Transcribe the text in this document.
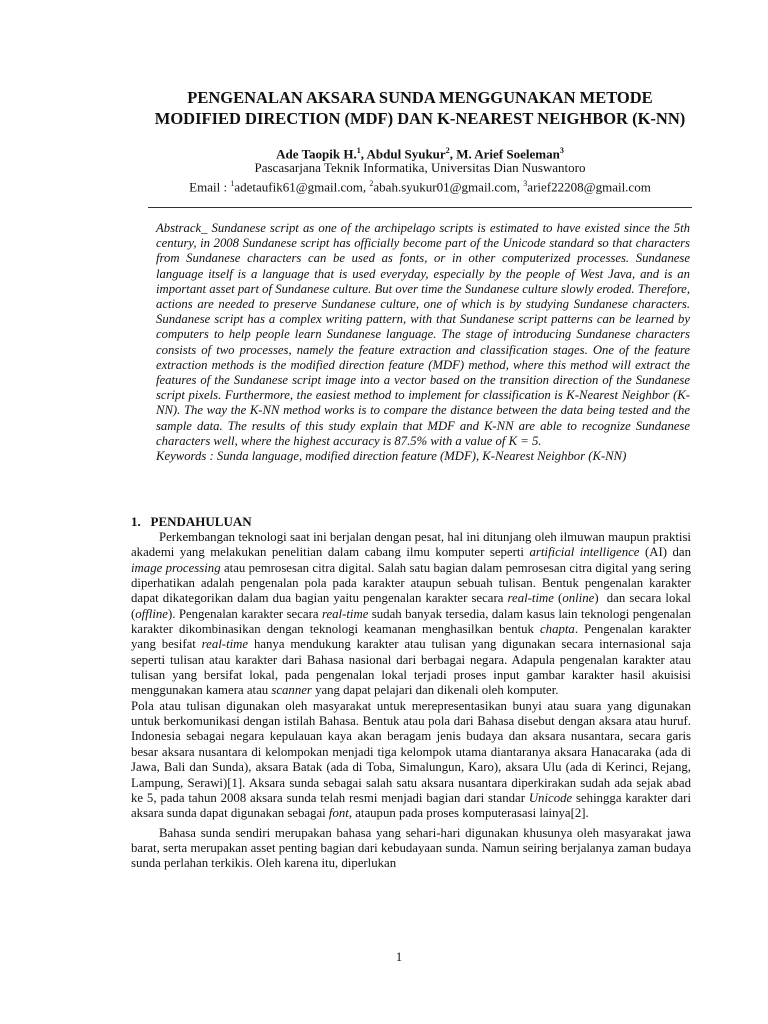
PENGENALAN AKSARA SUNDA MENGGUNAKAN METODE MODIFIED DIRECTION (MDF) DAN K-NEAREST NEIGHBOR (K-NN)
Ade Taopik H.$^1$, Abdul Syukur$^2$, M. Arief Soeleman$^3$
Pascasarjana Teknik Informatika, Universitas Dian Nuswantoro
Email : $^1$adetaufik61@gmail.com, $^2$abah.syukur01@gmail.com, $^3$arief22208@gmail.com

Abstrack_ Sundanese script as one of the archipelago scripts is estimated to have existed since the 5th century, in 2008 Sundanese script has officially become part of the Unicode standard so that characters from Sundanese characters can be used as fonts, or in other computerized processes. Sundanese language itself is a language that is used everyday, especially by the people of West Java, and is an important asset part of Sundanese culture. But over time the Sundanese culture slowly eroded. Therefore, actions are needed to preserve Sundanese culture, one of which is by studying Sundanese characters. Sundanese script has a complex writing pattern, with that Sundanese script patterns can be learned by computers to help people learn Sundanese language. The stage of introducing Sundanese characters consists of two processes, namely the feature extraction and classification stages. One of the feature extraction methods is the modified direction feature (MDF) method, where this method will extract the features of the Sundanese script image into a vector based on the transition direction of the Sundanese script pixels. Furthermore, the easiest method to implement for classification is K-Nearest Neighbor (K-NN). The way the K-NN method works is to compare the distance between the data being tested and the sample data. The results of this study explain that MDF and K-NN are able to recognize Sundanese characters well, where the highest accuracy is 87.5% with a value of K = 5.

Keywords : Sunda language, modified direction feature (MDF), K-Nearest Neighbor (K-NN)

1.   PENDAHULUAN

Perkembangan teknologi saat ini berjalan dengan pesat, hal ini ditunjang oleh ilmuwan maupun praktisi akademi yang melakukan penelitian dalam cabang ilmu komputer seperti artificial intelligence (AI) dan image processing atau pemrosesan citra digital. Salah satu bagian dalam pemrosesan citra digital yang sering diperhatikan adalah pengenalan pola pada karakter ataupun sebuah tulisan. Bentuk pengenalan karakter dapat dikategorikan dalam dua bagian yaitu pengenalan karakter secara real-time (online)  dan secara lokal (offline). Pengenalan karakter secara real-time sudah banyak tersedia, dalam kasus lain teknologi pengenalan karakter dikombinasikan dengan teknologi keamanan menghasilkan bentuk chapta. Pengenalan karakter yang besifat real-time hanya mendukung karakter atau tulisan yang digunakan secara internasional saja seperti tulisan atau karakter dari Bahasa nasional dari berbagai negara. Adapula pengenalan karakter atau tulisan yang bersifat lokal, pada pengenalan lokal terjadi proses input gambar karakter hasil akuisisi menggunakan kamera atau scanner yang dapat pelajari dan dikenali oleh komputer.

Pola atau tulisan digunakan oleh masyarakat untuk merepresentasikan bunyi atau suara yang digunakan untuk berkomunikasi dengan istilah Bahasa. Bentuk atau pola dari Bahasa disebut dengan aksara atau huruf. Indonesia sebagai negara kepulauan kaya akan beragam jenis budaya dan aksara nusantara, secara garis besar aksara nusantara di kelompokan menjadi tiga kelompok utama diantaranya aksara Hanacaraka (ada di Jawa, Bali dan Sunda), aksara Batak (ada di Toba, Simalungun, Karo), aksara Ulu (ada di Kerinci, Rejang, Lampung, Serawi)[1]. Aksara sunda sebagai salah satu aksara nusantara diperkirakan sudah ada sejak abad ke 5, pada tahun 2008 aksara sunda telah resmi menjadi bagian dari standar Unicode sehingga karakter dari aksara sunda dapat digunakan sebagai font, ataupun pada proses komputerasasi lainya[2].

Bahasa sunda sendiri merupakan bahasa yang sehari-hari digunakan khusunya oleh masyarakat jawa barat, serta merupakan asset penting bagian dari kebudayaan sunda. Namun seiring berjalanya zaman budaya sunda perlahan terkikis. Oleh karena itu, diperlukan

1
